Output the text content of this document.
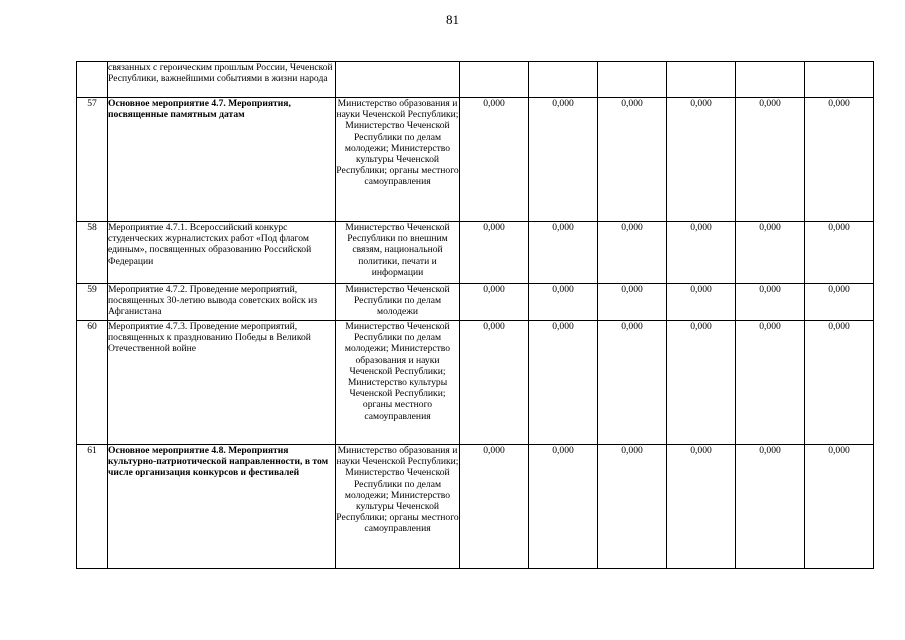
81
	связанных с героическим прошлым России, Чеченской Республики, важнейшими событиями в жизни народа							
57	Основное мероприятие 4.7. Мероприятия, посвященные памятным датам	Министерство образования и науки Чеченской Республики; Министерство Чеченской Республики по делам молодежи; Министерство культуры Чеченской Республики; органы местного самоуправления	0,000	0,000	0,000	0,000	0,000	0,000
58	Мероприятие 4.7.1. Всероссийский конкурс студенческих журналистских работ «Под флагом единым», посвященных образованию Российской Федерации	Министерство Чеченской Республики по внешним связям, национальной политики, печати и информации	0,000	0,000	0,000	0,000	0,000	0,000
59	Мероприятие 4.7.2. Проведение мероприятий, посвященных 30-летию вывода советских войск из Афганистана	Министерство Чеченской Республики по делам молодежи	0,000	0,000	0,000	0,000	0,000	0,000
60	Мероприятие 4.7.3. Проведение мероприятий, посвященных к празднованию Победы в Великой Отечественной войне	Министерство Чеченской Республики по делам молодежи; Министерство образования и науки Чеченской Республики; Министерство культуры Чеченской Республики; органы местного самоуправления	0,000	0,000	0,000	0,000	0,000	0,000
61	Основное мероприятие 4.8. Мероприятия культурно-патриотической направленности, в том числе организация конкурсов и фестивалей	Министерство образования и науки Чеченской Республики; Министерство Чеченской Республики по делам молодежи; Министерство культуры Чеченской Республики; органы местного самоуправления	0,000	0,000	0,000	0,000	0,000	0,000
